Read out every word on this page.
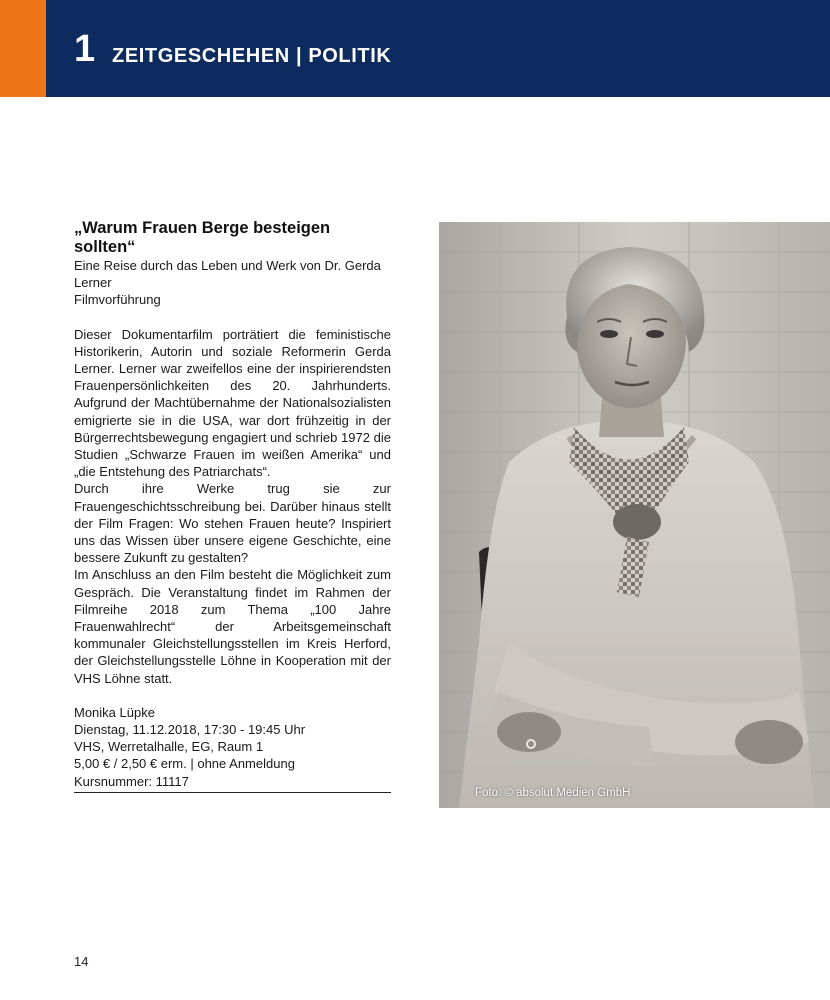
1 ZEITGESCHEHEN | POLITIK
„Warum Frauen Berge besteigen sollten“

Eine Reise durch das Leben und Werk von Dr. Gerda Lerner

Filmvorführung

Dieser Dokumentarfilm porträtiert die feministische Historikerin, Autorin und soziale Reformerin Gerda Lerner. Lerner war zweifellos eine der inspirierendsten Frauenpersönlichkeiten des 20. Jahrhunderts. Aufgrund der Machtübernahme der Nationalsozialisten emigrierte sie in die USA, war dort frühzeitig in der Bürgerrechtsbewegung engagiert und schrieb 1972 die Studien „Schwarze Frauen im weißen Amerika“ und „die Entstehung des Patriarchats“.

Durch ihre Werke trug sie zur Frauengeschichtsschreibung bei. Darüber hinaus stellt der Film Fragen: Wo stehen Frauen heute? Inspiriert uns das Wissen über unsere eigene Geschichte, eine bessere Zukunft zu gestalten?

Im Anschluss an den Film besteht die Möglichkeit zum Gespräch. Die Veranstaltung findet im Rahmen der Filmreihe 2018 zum Thema „100 Jahre Frauenwahlrecht“ der Arbeitsgemeinschaft kommunaler Gleichstellungsstellen im Kreis Herford, der Gleichstellungsstelle Löhne in Kooperation mit der VHS Löhne statt.

Monika Lüpke

Dienstag, 11.12.2018, 17:30 - 19:45 Uhr

VHS, Werretalhalle, EG, Raum 1

5,00 € / 2,50 € erm. | ohne Anmeldung

Kursnummer: 11117

Foto: © absolut Medien GmbH
14
